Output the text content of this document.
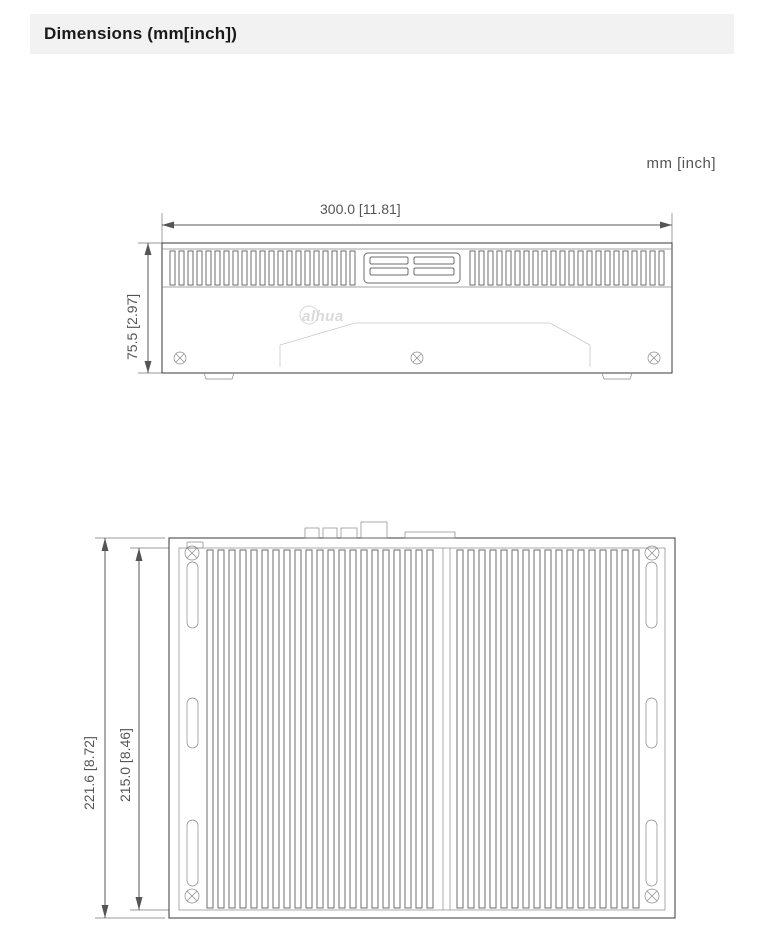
Dimensions (mm[inch])
mm [inch]
300.0 [11.81]
75.5 [2.97]	alhua
221.6 [8.72] 215.0 [8.46]
